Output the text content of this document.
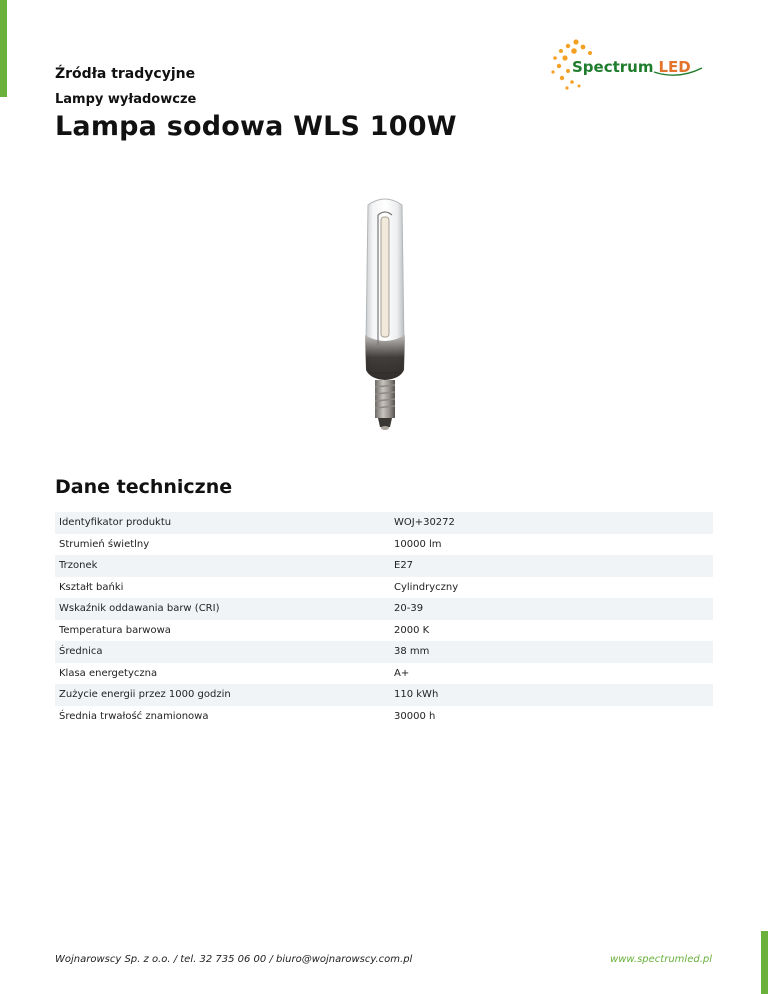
Źródła tradycyjne
Lampy wyładowcze
Lampa sodowa WLS 100W
Spectrum LED
Dane techniczne
Identyfikator produktu	WOJ+30272
Strumień świetlny	10000 lm
Trzonek	E27
Kształt bańki	Cylindryczny
Wskaźnik oddawania barw (CRI)	20-39
Temperatura barwowa	2000 K
Średnica	38 mm
Klasa energetyczna	A+
Zużycie energii przez 1000 godzin	110 kWh
Średnia trwałość znamionowa	30000 h
Wojnarowscy Sp. z o.o. / tel. 32 735 06 00 / biuro@wojnarowscy.com.pl	www.spectrumled.pl
